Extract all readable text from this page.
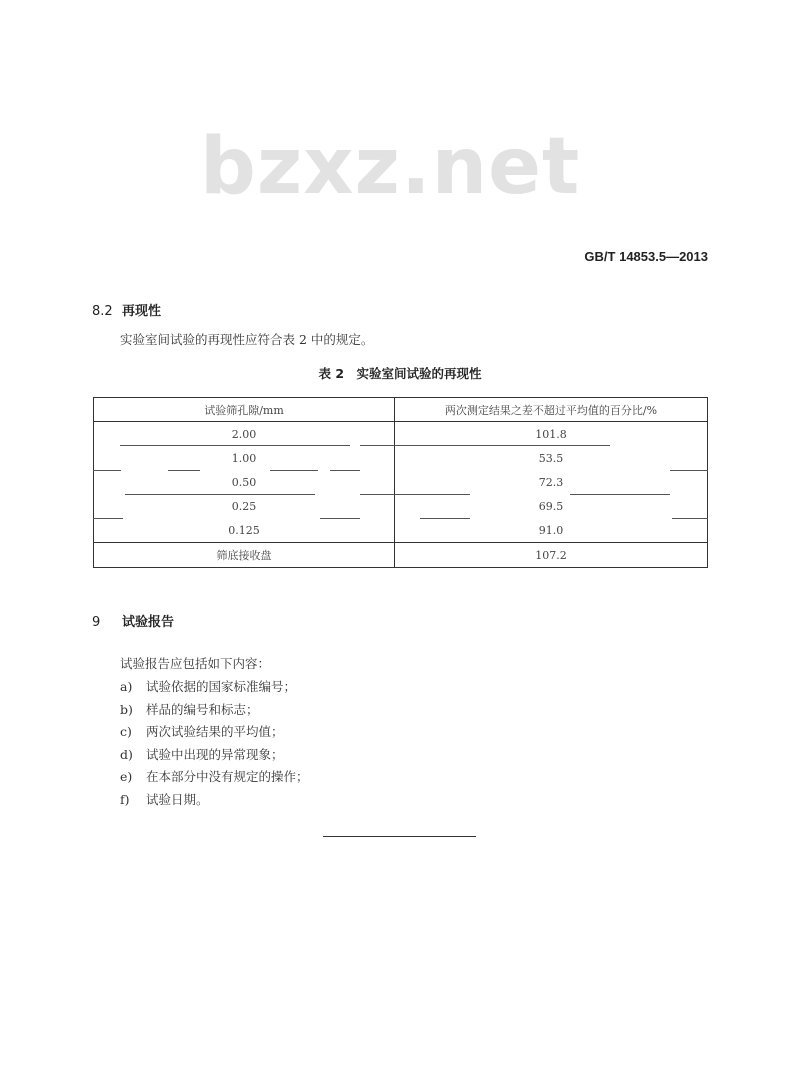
bzxz.net
GB/T 14853.5—2013
8.2 再现性
实验室间试验的再现性应符合表 2 中的规定。
表 2　实验室间试验的再现性
试验筛孔隙/mm	两次测定结果之差不超过平均值的百分比/%
2.00	101.8
1.00	53.5
0.50	72.3
0.25	69.5
0.125	91.0
筛底接收盘	107.2
9 试验报告
试验报告应包括如下内容：
a) 试验依据的国家标准编号；
b) 样品的编号和标志；
c) 两次试验结果的平均值；
d) 试验中出现的异常现象；
e) 在本部分中没有规定的操作；
f) 试验日期。
